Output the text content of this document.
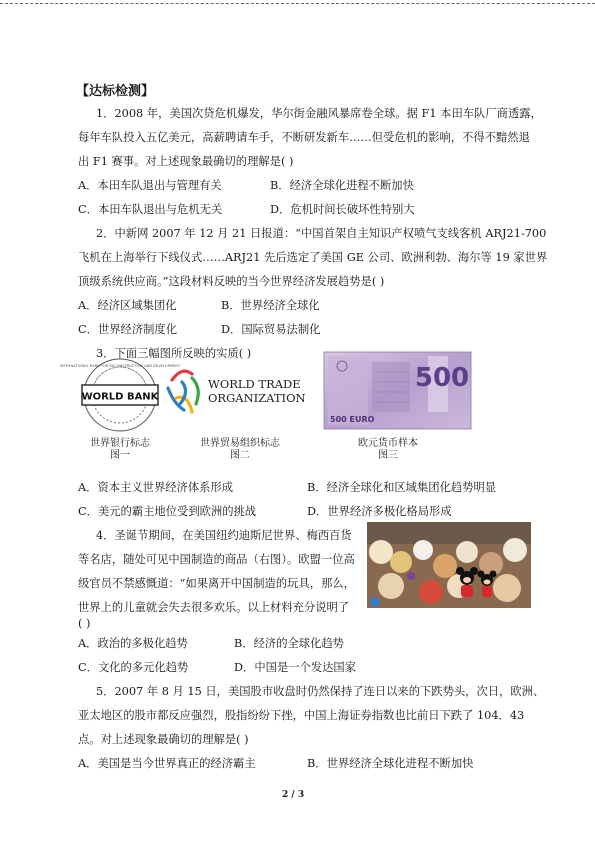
【达标检测】
1．2008 年，美国次贷危机爆发，华尔街金融风暴席卷全球。据 F1 本田车队厂商透露，
每年车队投入五亿美元，高薪聘请车手，不断研发新车……但受危机的影响，不得不黯然退
出 F1 赛事。对上述现象最确切的理解是( )
A．本田车队退出与管理有关	B．经济全球化进程不断加快
C．本田车队退出与危机无关	D．危机时间长破坏性特别大
2．中新网 2007 年 12 月 21 日报道：“中国首架自主知识产权喷气支线客机 ARJ21-700
飞机在上海举行下线仪式……ARJ21 先后选定了美国 GE 公司、欧洲利勃、海尔等 19 家世界
顶级系统供应商。”这段材料反映的当今世界经济发展趋势是( )
A．经济区域集团化	B．世界经济全球化
C．世界经济制度化	D．国际贸易法制化
3．下面三幅图所反映的实质( )
WORLD BANK
INTERNATIONAL BANK FOR RECONSTRUCTION AND DEVELOPMENT
WORLD TRADE
ORGANIZATION
500
500 EURO
世界银行标志
图一
世界贸易组织标志
图二
欧元货币样本
图三
A．资本主义世界经济体系形成	B．经济全球化和区域集团化趋势明显
C．美元的霸主地位受到欧洲的挑战	D．世界经济多极化格局形成
4．圣诞节期间，在美国纽约迪斯尼世界、梅西百货
等名店，随处可见中国制造的商品（右图）。欧盟一位高
级官员不禁感慨道：“如果离开中国制造的玩具，那么，
世界上的儿童就会失去很多欢乐。以上材料充分说明了
( )
A．政治的多极化趋势	B．经济的全球化趋势
C．文化的多元化趋势	D．中国是一个发达国家
5．2007 年 8 月 15 日，美国股市收盘时仍然保持了连日以来的下跌势头，次日，欧洲、
亚太地区的股市都反应强烈，股指纷纷下挫，中国上海证券指数也比前日下跌了 104．43
点。对上述现象最确切的理解是( )
A．美国是当今世界真正的经济霸主	B．世界经济全球化进程不断加快
2 / 3
